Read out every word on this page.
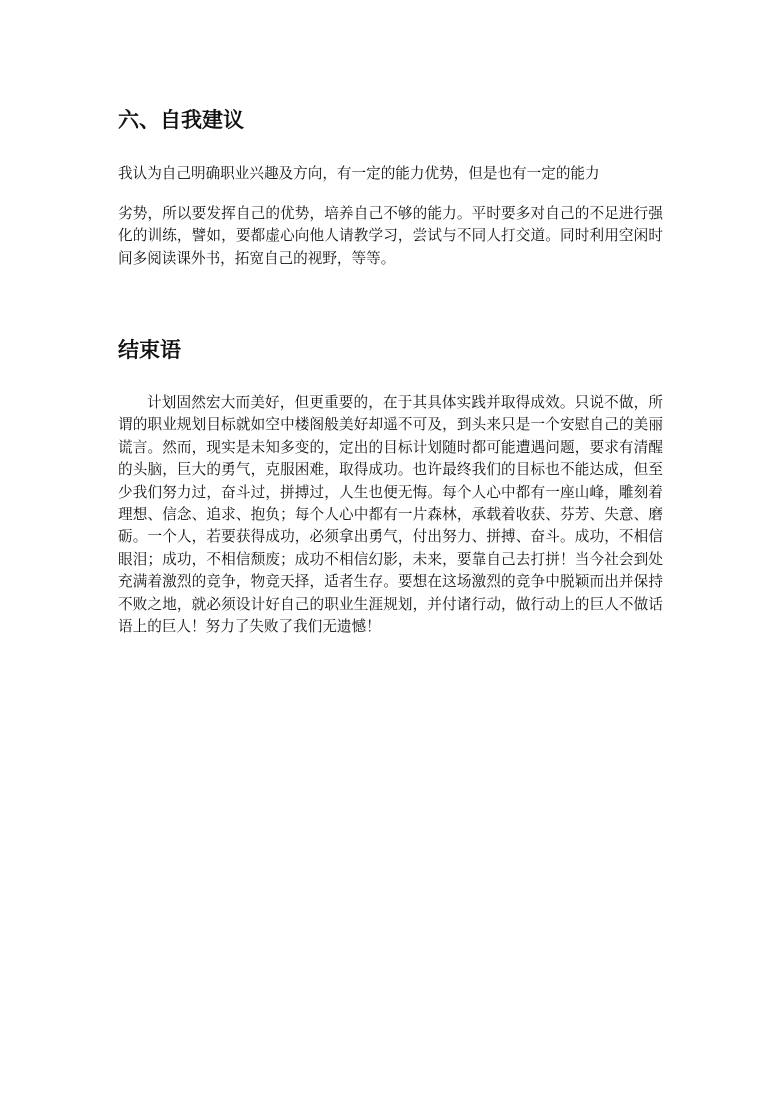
六、自我建议

我认为自己明确职业兴趣及方向，有一定的能力优势，但是也有一定的能力

劣势，所以要发挥自己的优势，培养自己不够的能力。平时要多对自己的不足进行强化的训练，譬如，要都虚心向他人请教学习，尝试与不同人打交道。同时利用空闲时间多阅读课外书，拓宽自己的视野，等等。

结束语

计划固然宏大而美好，但更重要的，在于其具体实践并取得成效。只说不做，所谓的职业规划目标就如空中楼阁般美好却遥不可及，到头来只是一个安慰自己的美丽谎言。然而，现实是未知多变的，定出的目标计划随时都可能遭遇问题，要求有清醒的头脑，巨大的勇气，克服困难，取得成功。也许最终我们的目标也不能达成，但至少我们努力过，奋斗过，拼搏过，人生也便无悔。每个人心中都有一座山峰，雕刻着理想、信念、追求、抱负；每个人心中都有一片森林，承载着收获、芬芳、失意、磨砺。一个人，若要获得成功，必须拿出勇气，付出努力、拼搏、奋斗。成功，不相信眼泪；成功，不相信颓废；成功不相信幻影，未来，要靠自己去打拼！当今社会到处充满着激烈的竞争，物竞天择，适者生存。要想在这场激烈的竞争中脱颖而出并保持不败之地，就必须设计好自己的职业生涯规划，并付诸行动，做行动上的巨人不做话语上的巨人！努力了失败了我们无遗憾！
